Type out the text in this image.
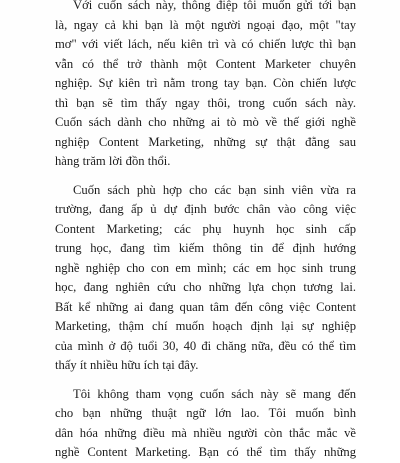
Với cuốn sách này, thông điệp tôi muốn gửi tới bạn
là, ngay cả khi bạn là một người ngoại đạo, một "tay
mơ" với viết lách, nếu kiên trì và có chiến lược thì bạn
vẫn có thể trở thành một Content Marketer chuyên
nghiệp. Sự kiên trì nằm trong tay bạn. Còn chiến lược
thì bạn sẽ tìm thấy ngay thôi, trong cuốn sách này.
Cuốn sách dành cho những ai tò mò về thế giới nghề
nghiệp Content Marketing, những sự thật đằng sau
hàng trăm lời đồn thổi.

Cuốn sách phù hợp cho các bạn sinh viên vừa ra
trường, đang ấp ủ dự định bước chân vào công việc
Content Marketing; các phụ huynh học sinh cấp
trung học, đang tìm kiếm thông tin để định hướng
nghề nghiệp cho con em mình; các em học sinh trung
học, đang nghiên cứu cho những lựa chọn tương lai.
Bất kể những ai đang quan tâm đến công việc Content
Marketing, thậm chí muốn hoạch định lại sự nghiệp
của mình ở độ tuổi 30, 40 đi chăng nữa, đều có thể tìm
thấy ít nhiều hữu ích tại đây.

Tôi không tham vọng cuốn sách này sẽ mang đến
cho bạn những thuật ngữ lớn lao. Tôi muốn bình
dân hóa những điều mà nhiều người còn thắc mắc về
nghề Content Marketing. Bạn có thể tìm thấy những
